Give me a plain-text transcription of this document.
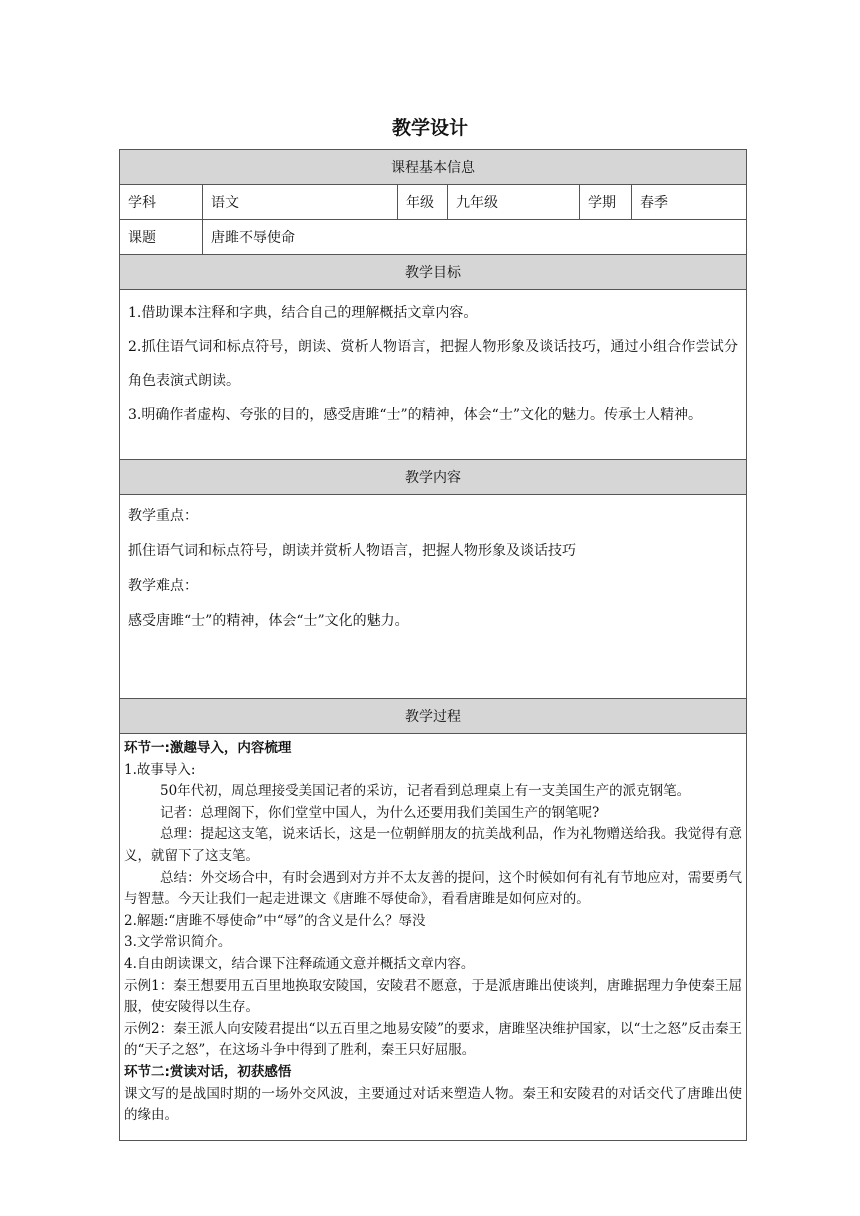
教学设计
课程基本信息
学科	语文	年级	九年级	学期	春季
课题	唐雎不辱使命
教学目标
1.借助课本注释和字典，结合自己的理解概括文章内容。
2.抓住语气词和标点符号，朗读、赏析人物语言，把握人物形象及谈话技巧，通过小组合作尝试分角色表演式朗读。
3.明确作者虚构、夸张的目的，感受唐雎“士”的精神，体会“士”文化的魅力。传承士人精神。
教学内容

教学重点：

抓住语气词和标点符号，朗读并赏析人物语言，把握人物形象及谈话技巧

教学难点：

感受唐雎“士”的精神，体会“士”文化的魅力。

教学过程

环节一:激趣导入，内容梳理

1.故事导入:

50年代初，周总理接受美国记者的采访，记者看到总理桌上有一支美国生产的派克钢笔。

记者：总理阁下，你们堂堂中国人，为什么还要用我们美国生产的钢笔呢?

总理：提起这支笔，说来话长，这是一位朝鲜朋友的抗美战利品，作为礼物赠送给我。我觉得有意义，就留下了这支笔。

总结：外交场合中，有时会遇到对方并不太友善的提问，这个时候如何有礼有节地应对，需要勇气与智慧。今天让我们一起走进课文《唐雎不辱使命》，看看唐雎是如何应对的。

2.解题:“唐雎不辱使命”中“辱”的含义是什么？辱没

3.文学常识简介。

4.自由朗读课文，结合课下注释疏通文意并概括文章内容。

示例1：秦王想要用五百里地换取安陵国，安陵君不愿意，于是派唐雎出使谈判，唐雎据理力争使秦王屈服，使安陵得以生存。

示例2：秦王派人向安陵君提出“以五百里之地易安陵”的要求，唐雎坚决维护国家，以“士之怒”反击秦王的“天子之怒”，在这场斗争中得到了胜利，秦王只好屈服。

环节二:赏读对话，初获感悟

课文写的是战国时期的一场外交风波，主要通过对话来塑造人物。秦王和安陵君的对话交代了唐雎出使的缘由。
